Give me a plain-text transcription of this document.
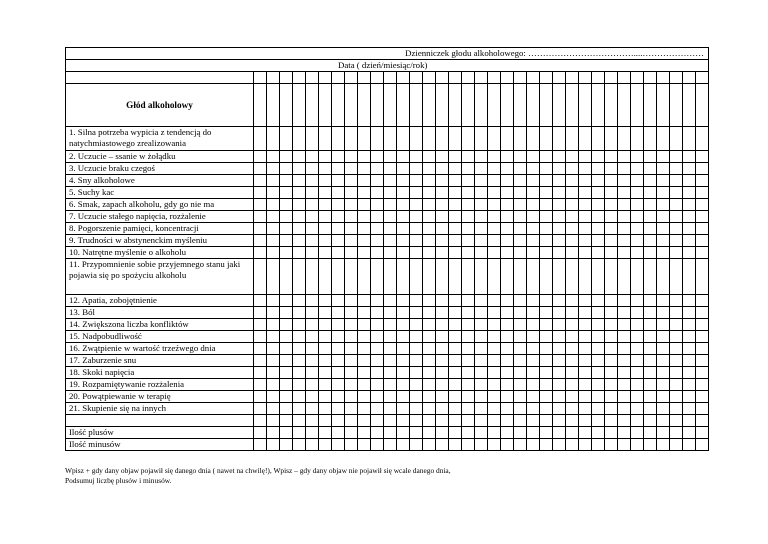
Dzienniczek głodu alkoholowego: ………………………………....…………………																																			
Data ( dzień/miesiąc/rok)																																			

Głód alkoholowy																																			
1. Silna potrzeba wypicia z tendencją do natychmiastowego zrealizowania																																			
2. Uczucie – ssanie w żołądku																																			
3. Uczucie braku czegoś																																			
4. Sny alkoholowe																																			
5. Suchy kac																																			
6. Smak, zapach alkoholu, gdy go nie ma																																			
7. Uczucie stałego napięcia, rozżalenie																																			
8. Pogorszenie pamięci, koncentracji																																			
9. Trudności w abstynenckim myśleniu																																			
10. Natrętne myślenie o alkoholu																																			
11. Przypomnienie sobie przyjemnego stanu jaki pojawia się po spożyciu alkoholu																																			
12. Apatia, zobojętnienie																																			
13. Ból																																			
14. Zwiększona liczba konfliktów																																			
15. Nadpobudliwość																																			
16. Zwątpienie w wartość trzeźwego dnia																																			
17. Zaburzenie snu																																			
18. Skoki napięcia																																			
19. Rozpamiętywanie rozżalenia																																			
20. Powątpiewanie w terapię																																			
21. Skupienie się na innych																																			

Ilość plusów																																			
Ilość minusów																																			
Wpisz + gdy dany objaw pojawił się danego dnia ( nawet na chwilę!), Wpisz – gdy dany objaw nie pojawił się wcale danego dnia,
Podsumuj liczbę plusów i minusów.
